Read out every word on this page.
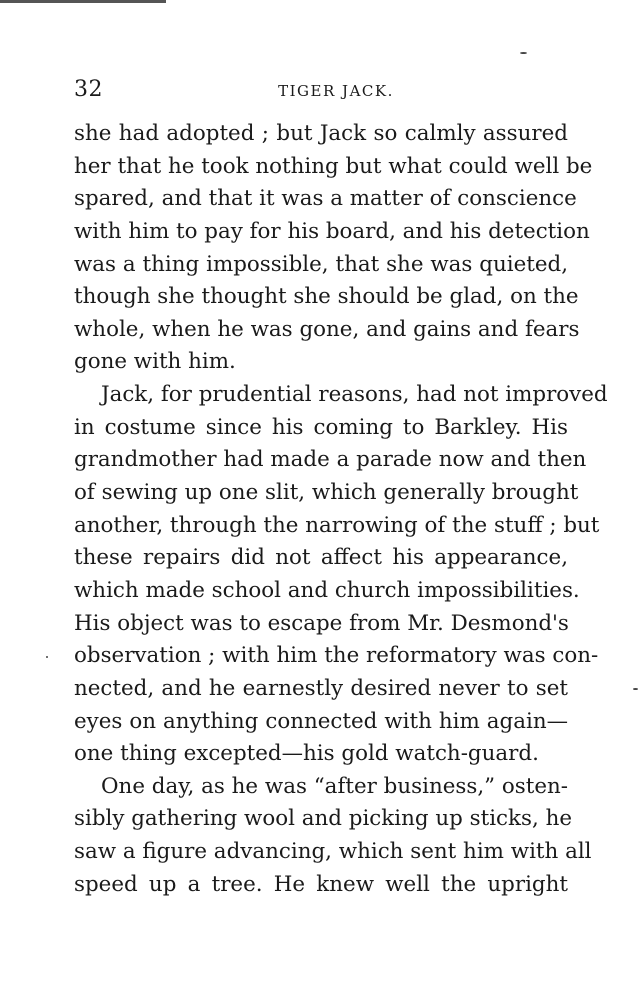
32	TIGER JACK.
she had adopted ; but Jack so calmly assured
her that he took nothing but what could well be
spared, and that it was a matter of conscience
with him to pay for his board, and his detection
was a thing impossible, that she was quieted,
though she thought she should be glad, on the
whole, when he was gone, and gains and fears
gone with him.
Jack, for prudential reasons, had not improved
in costume since his coming to Barkley. His
grandmother had made a parade now and then
of sewing up one slit, which generally brought
another, through the narrowing of the stuff ; but
these repairs did not affect his appearance,
which made school and church impossibilities.
His object was to escape from Mr. Desmond's
observation ; with him the reformatory was con-
nected, and he earnestly desired never to set
eyes on anything connected with him again—
one thing excepted—his gold watch-guard.
One day, as he was “after business,” osten-
sibly gathering wool and picking up sticks, he
saw a figure advancing, which sent him with all
speed up a tree. He knew well the upright
